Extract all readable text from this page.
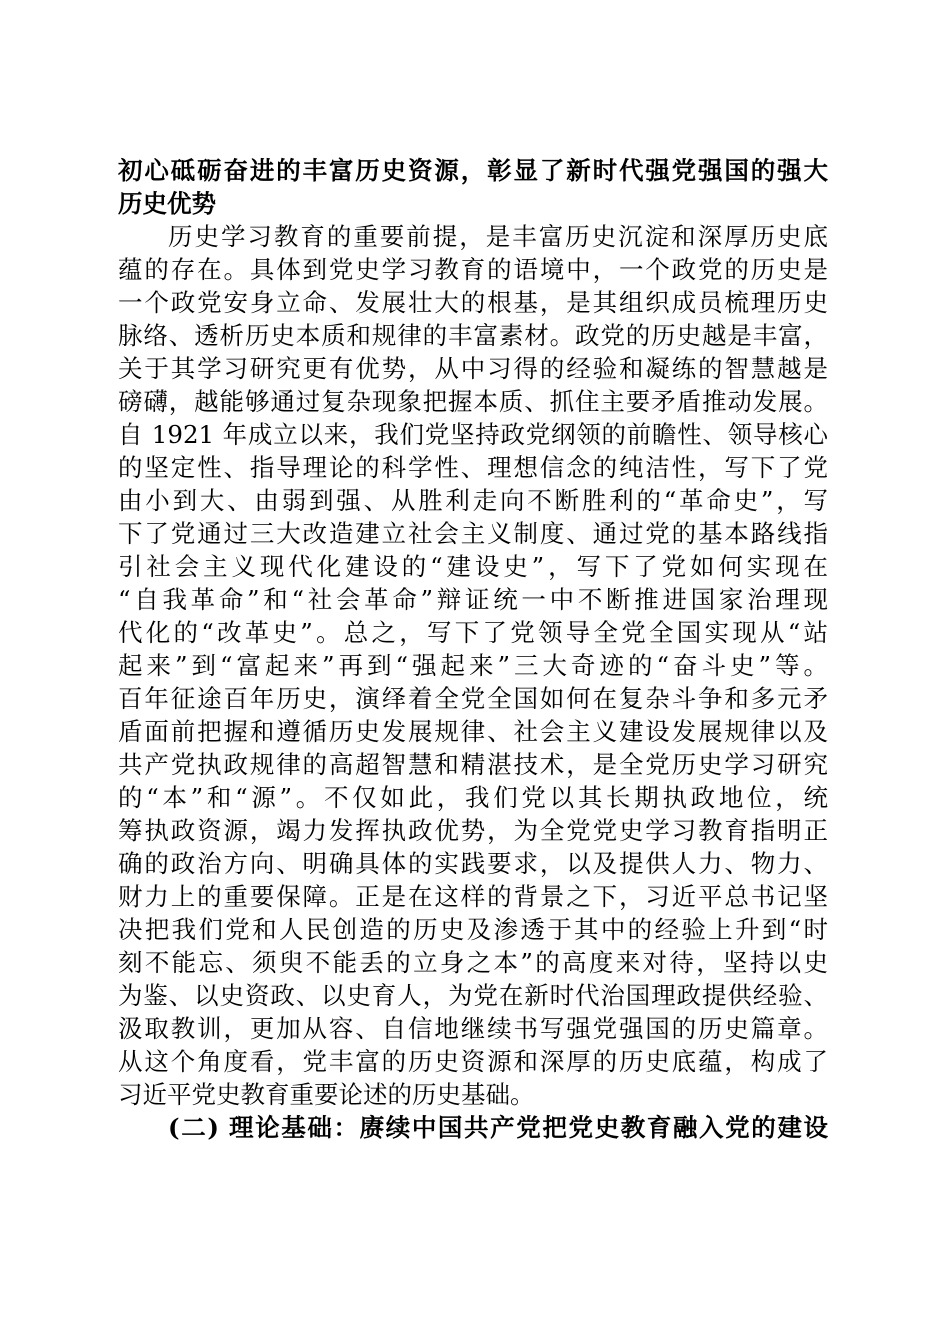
初心砥砺奋进的丰富历史资源，彰显了新时代强党强国的强大
历史优势
历史学习教育的重要前提，是丰富历史沉淀和深厚历史底
蕴的存在。具体到党史学习教育的语境中，一个政党的历史是
一个政党安身立命、发展壮大的根基，是其组织成员梳理历史
脉络、透析历史本质和规律的丰富素材。政党的历史越是丰富，
关于其学习研究更有优势，从中习得的经验和凝练的智慧越是
磅礴，越能够通过复杂现象把握本质、抓住主要矛盾推动发展。
自 1921 年成立以来，我们党坚持政党纲领的前瞻性、领导核心
的坚定性、指导理论的科学性、理想信念的纯洁性，写下了党
由小到大、由弱到强、从胜利走向不断胜利的“革命史”，写
下了党通过三大改造建立社会主义制度、通过党的基本路线指
引社会主义现代化建设的“建设史”，写下了党如何实现在
“自我革命”和“社会革命”辩证统一中不断推进国家治理现
代化的“改革史”。总之，写下了党领导全党全国实现从“站
起来”到“富起来”再到“强起来”三大奇迹的“奋斗史”等。
百年征途百年历史，演绎着全党全国如何在复杂斗争和多元矛
盾面前把握和遵循历史发展规律、社会主义建设发展规律以及
共产党执政规律的高超智慧和精湛技术，是全党历史学习研究
的“本”和“源”。不仅如此，我们党以其长期执政地位，统
筹执政资源，竭力发挥执政优势，为全党党史学习教育指明正
确的政治方向、明确具体的实践要求，以及提供人力、物力、
财力上的重要保障。正是在这样的背景之下，习近平总书记坚
决把我们党和人民创造的历史及渗透于其中的经验上升到“时
刻不能忘、须臾不能丢的立身之本”的高度来对待，坚持以史
为鉴、以史资政、以史育人，为党在新时代治国理政提供经验、
汲取教训，更加从容、自信地继续书写强党强国的历史篇章。
从这个角度看，党丰富的历史资源和深厚的历史底蕴，构成了
习近平党史教育重要论述的历史基础。
(二) 理论基础：赓续中国共产党把党史教育融入党的建设
